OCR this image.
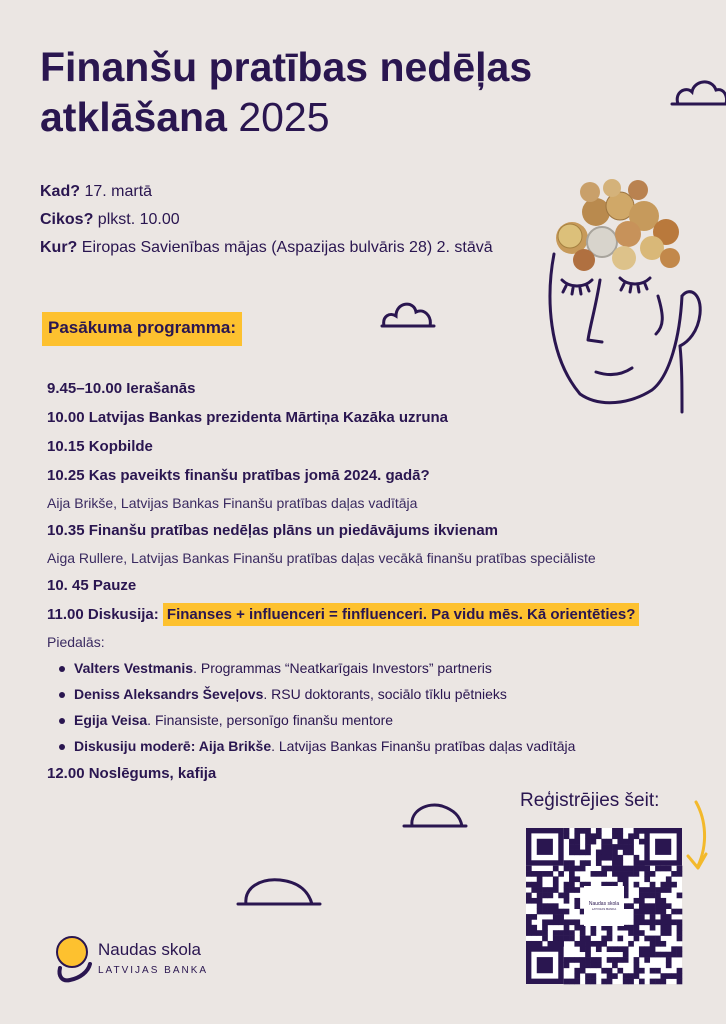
Finanšu pratības nedēļas atklāšana 2025
Kad? 17. martā
Cikos? plkst. 10.00
Kur? Eiropas Savienības mājas (Aspazijas bulvāris 28) 2. stāvā
Pasākuma programma:
9.45–10.00 Ierašanās
10.00 Latvijas Bankas prezidenta Mārtiņa Kazāka uzruna
10.15 Kopbilde
10.25 Kas paveikts finanšu pratības jomā 2024. gadā?
Aija Brikše, Latvijas Bankas Finanšu pratības daļas vadītāja
10.35 Finanšu pratības nedēļas plāns un piedāvājums ikvienam
Aiga Rullere, Latvijas Bankas Finanšu pratības daļas vecākā finanšu pratības speciāliste
10. 45 Pauze
11.00 Diskusija: Finanses + influenceri = finfluenceri. Pa vidu mēs. Kā orientēties?
Piedalās:
Valters Vestmanis. Programmas “Neatkarīgais Investors” partneris
Deniss Aleksandrs Ševeļovs. RSU doktorants, sociālo tīklu pētnieks
Egija Veisa. Finansiste, personīgo finanšu mentore
Diskusiju moderē: Aija Brikše. Latvijas Bankas Finanšu pratības daļas vadītāja
12.00 Noslēgums, kafija
Reģistrējies šeit:
Naudas skola
LATVIJAS BANKA
Naudas skola
LATVIJAS BANKA
